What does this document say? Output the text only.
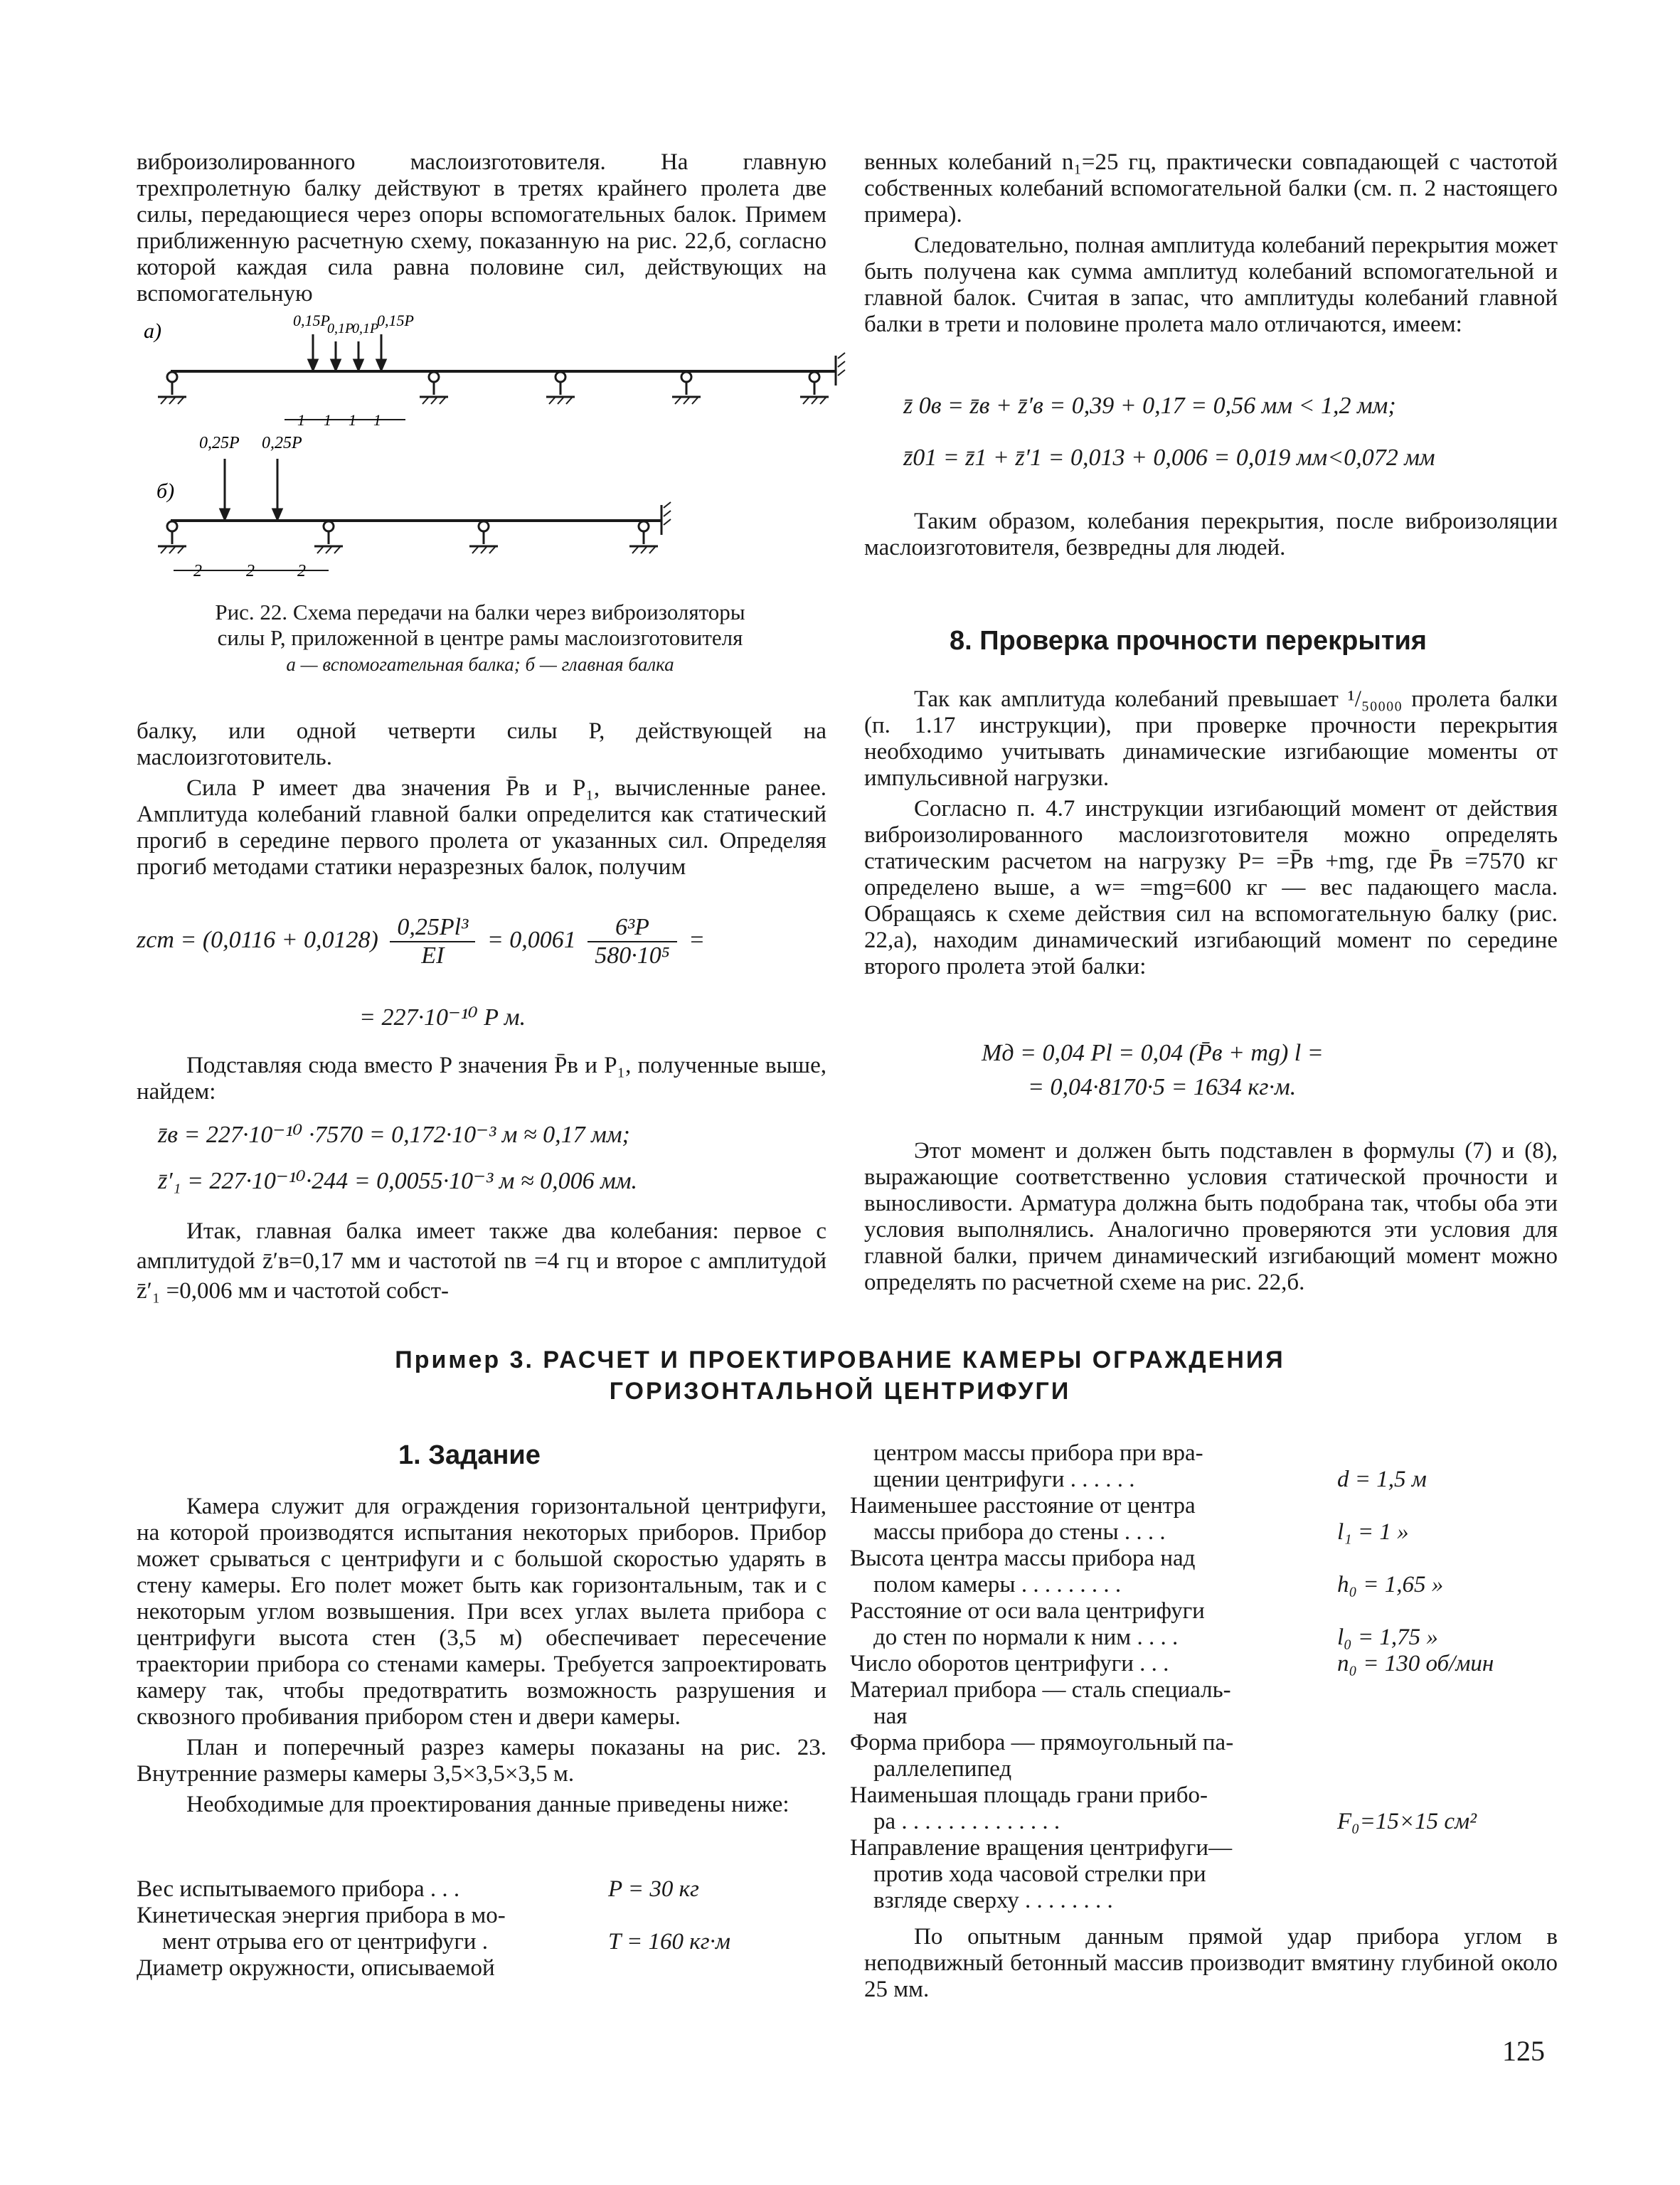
виброизолированного маслоизготовителя. На главную трехпролетную балку действуют в третях крайнего пролета две силы, передающиеся через опоры вспомогательных балок. Примем приближенную расчетную схему, показанную на рис. 22,б, согласно которой каждая сила равна половине сил, действующих на вспомогательную

а)	0,15P
0,1P
0,1P
0,15P
1 1 1 1
б)
0,25P 0,25P
2	2	2
Рис. 22. Схема передачи на балки через виброизоляторы
силы P, приложенной в центре рамы маслоизготовителя
а — вспомогательная балка; б — главная балка

балку, или одной четверти силы P, действующей на маслоизготовитель.

Сила P имеет два значения P̄в и P₁, вычисленные ранее. Амплитуда колебаний главной балки определится как статический прогиб в середине первого пролета от указанных сил. Определяя прогиб методами статики неразрезных балок, получим

zст = $(0,0116 + 0,0128) \frac{\text{0,25Pl³}}{EI} = 0,0061 \frac{\text{6³P}}{\text{580·10⁵}}$ =
= 227·10⁻¹⁰ P м.

Подставляя сюда вместо P значения P̄в и P₁, полученные выше, найдем:

z̄в = 227·10⁻¹⁰ ·7570 = 0,172·10⁻³ м ≈ 0,17 мм;
z̄′₁ = 227·10⁻¹⁰·244 = 0,0055·10⁻³ м ≈ 0,006 мм.

Итак, главная балка имеет также два колебания: первое с амплитудой z̄′в=0,17 мм и частотой nв =4 гц и второе с амплитудой z̄′₁ =0,006 мм и частотой собст-

венных колебаний n₁=25 гц, практически совпадающей с частотой собственных колебаний вспомогательной балки (см. п. 2 настоящего примера).

Следовательно, полная амплитуда колебаний перекрытия может быть получена как сумма амплитуд колебаний вспомогательной и главной балок. Считая в запас, что амплитуды колебаний главной балки в трети и половине пролета мало отличаются, имеем:

z̄ 0в = z̄в + z̄′в = 0,39 + 0,17 = 0,56 мм < 1,2 мм;
z̄01 = z̄1 + z̄′1 = 0,013 + 0,006 = 0,019 мм<0,072 мм

Таким образом, колебания перекрытия, после виброизоляции маслоизготовителя, безвредны для людей.

8. Проверка прочности перекрытия

Так как амплитуда колебаний превышает ¹/₅₀₀₀₀ пролета балки (п. 1.17 инструкции), при проверке прочности перекрытия необходимо учитывать динамические изгибающие моменты от импульсивной нагрузки.

Согласно п. 4.7 инструкции изгибающий момент от действия виброизолированного маслоизготовителя можно определять статическим расчетом на нагрузку P= =P̄в +mg, где P̄в =7570 кг определено выше, а w= =mg=600 кг — вес падающего масла. Обращаясь к схеме действия сил на вспомогательную балку (рис. 22,а), находим динамический изгибающий момент по середине второго пролета этой балки:

Mд = 0,04 Pl = 0,04 (P̄в + mg) l =
= 0,04·8170·5 = 1634 кг·м.

Этот момент и должен быть подставлен в формулы (7) и (8), выражающие соответственно условия статической прочности и выносливости. Арматура должна быть подобрана так, чтобы оба эти условия выполнялись. Аналогично проверяются эти условия для главной балки, причем динамический изгибающий момент можно определять по расчетной схеме на рис. 22,б.

Пример 3. РАСЧЕТ И ПРОЕКТИРОВАНИЕ КАМЕРЫ ОГРАЖДЕНИЯ
ГОРИЗОНТАЛЬНОЙ ЦЕНТРИФУГИ
1. Задание

Камера служит для ограждения горизонтальной центрифуги, на которой производятся испытания некоторых приборов. Прибор может срываться с центрифуги и с большой скоростью ударять в стену камеры. Его полет может быть как горизонтальным, так и с некоторым углом возвышения. При всех углах вылета прибора с центрифуги высота стен (3,5 м) обеспечивает пересечение траектории прибора со стенами камеры. Требуется запроектировать камеру так, чтобы предотвратить возможность разрушения и сквозного пробивания прибором стен и двери камеры.

План и поперечный разрез камеры показаны на рис. 23. Внутренние размеры камеры 3,5×3,5×3,5 м.

Необходимые для проектирования данные приведены ниже:

Вес испытываемого прибора . . .	P = 30 кг
Кинетическая энергия прибора в мо-
мент отрыва его от центрифуги .	T = 160 кг·м
Диаметр окружности, описываемой
центром массы прибора при вра-
щении центрифуги . . . . . .	d = 1,5 м
Наименьшее расстояние от центра
массы прибора до стены . . . .	l₁ = 1 »
Высота центра массы прибора над
полом камеры . . . . . . . . .	h₀ = 1,65 »
Расстояние от оси вала центрифуги
до стен по нормали к ним . . . .	l₀ = 1,75 »
Число оборотов центрифуги . . .	n₀ = 130 об/мин
Материал прибора — сталь специаль-
ная
Форма прибора — прямоугольный па-
раллелепипед
Наименьшая площадь грани прибо-
ра . . . . . . . . . . . . . .	F₀=15×15 см²
Направление вращения центрифуги—
против хода часовой стрелки при
взгляде сверху . . . . . . . .

По опытным данным прямой удар прибора углом в неподвижный бетонный массив производит вмятину глубиной около 25 мм.

125
